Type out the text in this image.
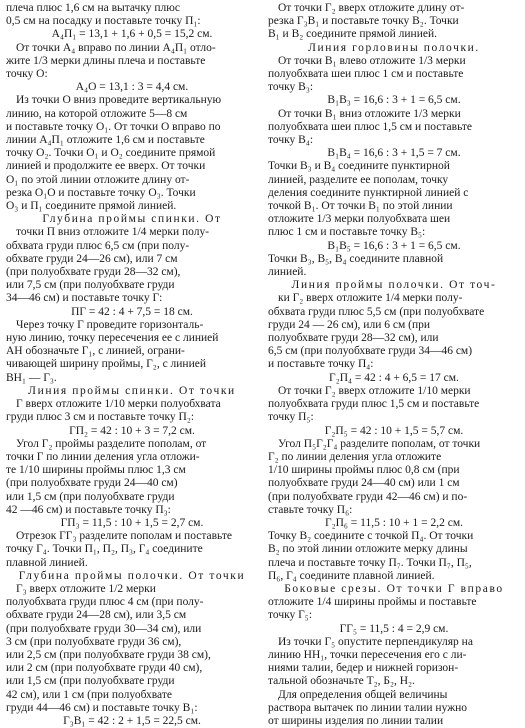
плеча плюс 1,6 см на вытачку плюс
0,5 см на посадку и поставьте точку П₁:
А₄П₁ = 13,1 + 1,6 + 0,5 = 15,2 см.
От точки А₄ вправо по линии А₄П₁ отло-
жите 1/3 мерки длины плеча и поставьте
точку О:
А₄О = 13,1 : 3 = 4,4 см.
Из точки О вниз проведите вертикальную
линию, на которой отложите 5—8 см
и поставьте точку О₁. От точки О вправо по
линии А₄П₁ отложите 1,6 см и поставьте
точку О₂. Точки О₁ и О₂ соедините прямой
линией и продолжите ее вверх. От точки
О₁ по этой линии отложите длину от-
резка О₁О и поставьте точку О₃. Точки
О₃ и П₁ соедините прямой линией.
Глубина проймы спинки. От
точки П вниз отложите 1/4 мерки полу-
обхвата груди плюс 6,5 см (при полу-
обхвате груди 24—26 см), или 7 см
(при полуобхвате груди 28—32 см),
или 7,5 см (при полуобхвате груди
34—46 см) и поставьте точку Г:
ПГ = 42 : 4 + 7,5 = 18 см.
Через точку Г проведите горизонталь-
ную линию, точку пересечения ее с линией
АН обозначьте Г₁, с линией, ограни-
чивающей ширину проймы, Г₂, с линией
ВН₁ — Г₃.
Линия проймы спинки. От точки
Г вверх отложите 1/10 мерки полуобхвата
груди плюс 3 см и поставьте точку П₂:
ГП₂ = 42 : 10 + 3 = 7,2 см.
Угол Г₂ проймы разделите пополам, от
точки Г по линии деления угла отложи-
те 1/10 ширины проймы плюс 1,3 см
(при полуобхвате груди 24—40 см)
или 1,5 см (при полуобхвате груди
42 —46 см) и поставьте точку П₃:
ГП₃ = 11,5 : 10 + 1,5 = 2,7 см.
Отрезок ГГ₃ разделите пополам и поставьте
точку Г₄. Точки П₁, П₂, П₃, Г₄ соедините
плавной линией.
Глубина проймы полочки. От точки
Г₃ вверх отложите 1/2 мерки
полуобхвата груди плюс 4 см (при полу-
обхвате груди 24—28 см), или 3,5 см
(при полуобхвате груди 30—34 см), или
3 см (при полуобхвате груди 36 см),
или 2,5 см (при полуобхвате груди 38 см),
или 2 см (при полуобхвате груди 40 см),
или 1,5 см (при полуобхвате груди
42 см), или 1 см (при полуобхвате
груди 44—46 см) и поставьте точку В₁:
Г₃В₁ = 42 : 2 + 1,5 = 22,5 см.
От точки Г₂ вверх отложите длину от-
резка Г₃В₁ и поставьте точку В₂. Точки
В₁ и В₂ соедините прямой линией.
Линия горловины полочки.
От точки В₁ влево отложите 1/3 мерки
полуобхвата шеи плюс 1 см и поставьте
точку В₃:
В₁В₃ = 16,6 : 3 + 1 = 6,5 см.
От точки В₁ вниз отложите 1/3 мерки
полуобхвата шеи плюс 1,5 см и поставьте
точку В₄:
В₁В₄ = 16,6 : 3 + 1,5 = 7 см.
Точки В₃ и В₄ соедините пунктирной
линией, разделите ее пополам, точку
деления соедините пунктирной линией с
точкой В₁. От точки В₁ по этой линии
отложите 1/3 мерки полуобхвата шеи
плюс 1 см и поставьте точку В₅:
В₁В₅ = 16,6 : 3 + 1 = 6,5 см.
Точки В₃, В₅, В₄ соедините плавной
линией.
Линия проймы полочки. От точ-
ки Г₂ вверх отложите 1/4 мерки полу-
обхвата груди плюс 5,5 см (при полуобхвате
груди 24 — 26 см), или 6 см (при
полуобхвате груди 28—32 см), или
6,5 см (при полуобхвате груди 34—46 см)
и поставьте точку П₄:
Г₂П₄ = 42 : 4 + 6,5 = 17 см.
От точки Г₂ вверх отложите 1/10 мерки
полуобхвата груди плюс 1,5 см и поставьте
точку П₅:
Г₂П₅ = 42 : 10 + 1,5 = 5,7 см.
Угол П₅Г₂Г₄ разделите пополам, от точки
Г₂ по линии деления угла отложите
1/10 ширины проймы плюс 0,8 см (при
полуобхвате груди 24—40 см) или 1 см
(при полуобхвате груди 42—46 см) и по-
ставьте точку П₆:
Г₂П₆ = 11,5 : 10 + 1 = 2,2 см.
Точку В₂ соедините с точкой П₄. От точки
В₂ по этой линии отложите мерку длины
плеча и поставьте точку П₇. Точки П₇, П₅,
П₆, Г₄ соедините плавной линией.
Боковые срезы. От точки Г вправо
отложите 1/4 ширины проймы и поставьте
точку Г₅:
ГГ₅ = 11,5 : 4 = 2,9 см.
Из точки Г₅ опустите перпендикуляр на
линию НН₁, точки пересечения его с ли-
ниями талии, бедер и нижней горизон-
тальной обозначьте Т₂, Б₂, Н₂.
Для определения общей величины
раствора вытачек по линии талии нужно
от ширины изделия по линии талии
